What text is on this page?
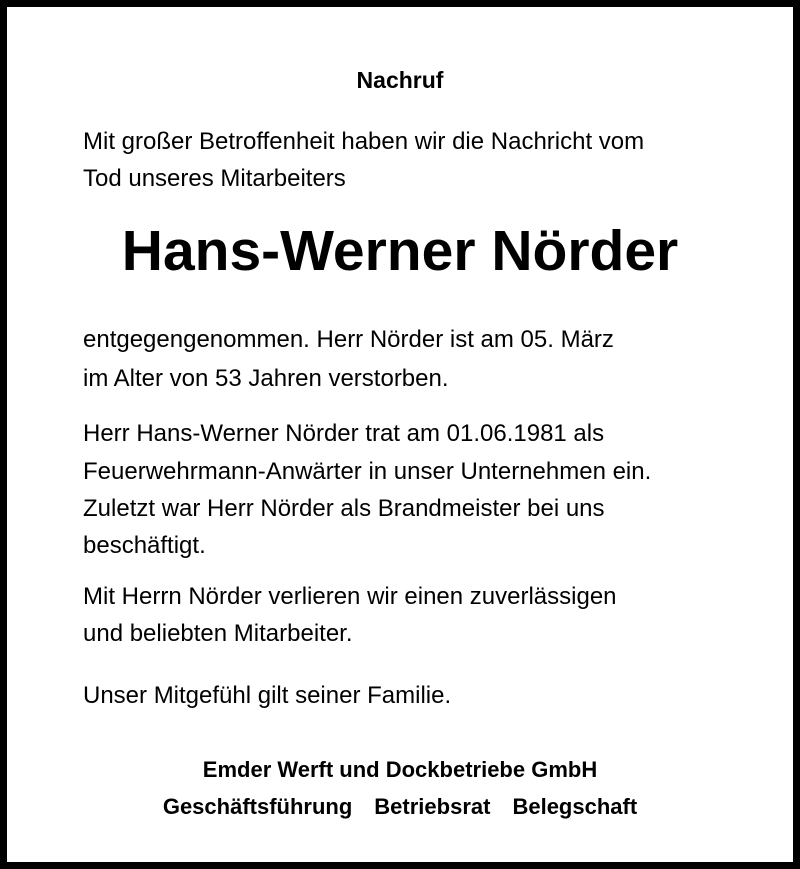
Nachruf
Mit großer Betroffenheit haben wir die Nachricht vom
Tod unseres Mitarbeiters
Hans-Werner Nörder
entgegengenommen. Herr Nörder ist am 05. März
im Alter von 53 Jahren verstorben.
Herr Hans-Werner Nörder trat am 01.06.1981 als
Feuerwehrmann-Anwärter in unser Unternehmen ein.
Zuletzt war Herr Nörder als Brandmeister bei uns
beschäftigt.
Mit Herrn Nörder verlieren wir einen zuverlässigen
und beliebten Mitarbeiter.
Unser Mitgefühl gilt seiner Familie.
Emder Werft und Dockbetriebe GmbH
Geschäftsführung Betriebsrat Belegschaft
